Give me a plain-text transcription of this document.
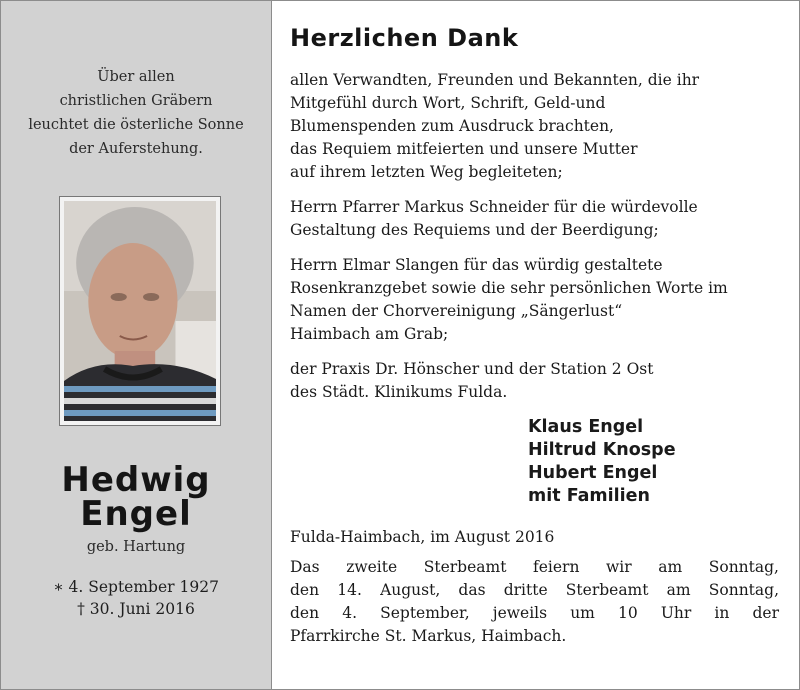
Über allen
christlichen Gräbern
leuchtet die österliche Sonne
der Auferstehung.
Hedwig
Engel
geb. Hartung
∗ 4. September 1927
† 30. Juni 2016
Herzlichen Dank
allen Verwandten, Freunden und Bekannten, die ihr
Mitgefühl durch Wort, Schrift, Geld-und
Blumenspenden zum Ausdruck brachten,
das Requiem mitfeierten und unsere Mutter
auf ihrem letzten Weg begleiteten;
Herrn Pfarrer Markus Schneider für die würdevolle
Gestaltung des Requiems und der Beerdigung;
Herrn Elmar Slangen für das würdig gestaltete
Rosenkranzgebet sowie die sehr persönlichen Worte im
Namen der Chorvereinigung „Sängerlust“
Haimbach am Grab;
der Praxis Dr. Hönscher und der Station 2 Ost
des Städt. Klinikums Fulda.
Klaus Engel
Hiltrud Knospe
Hubert Engel
mit Familien
Fulda-Haimbach, im August 2016
Das zweite Sterbeamt feiern wir am Sonntag,
den 14. August, das dritte Sterbeamt am Sonntag,
den 4. September, jeweils um 10 Uhr in der
Pfarrkirche St. Markus, Haimbach.
